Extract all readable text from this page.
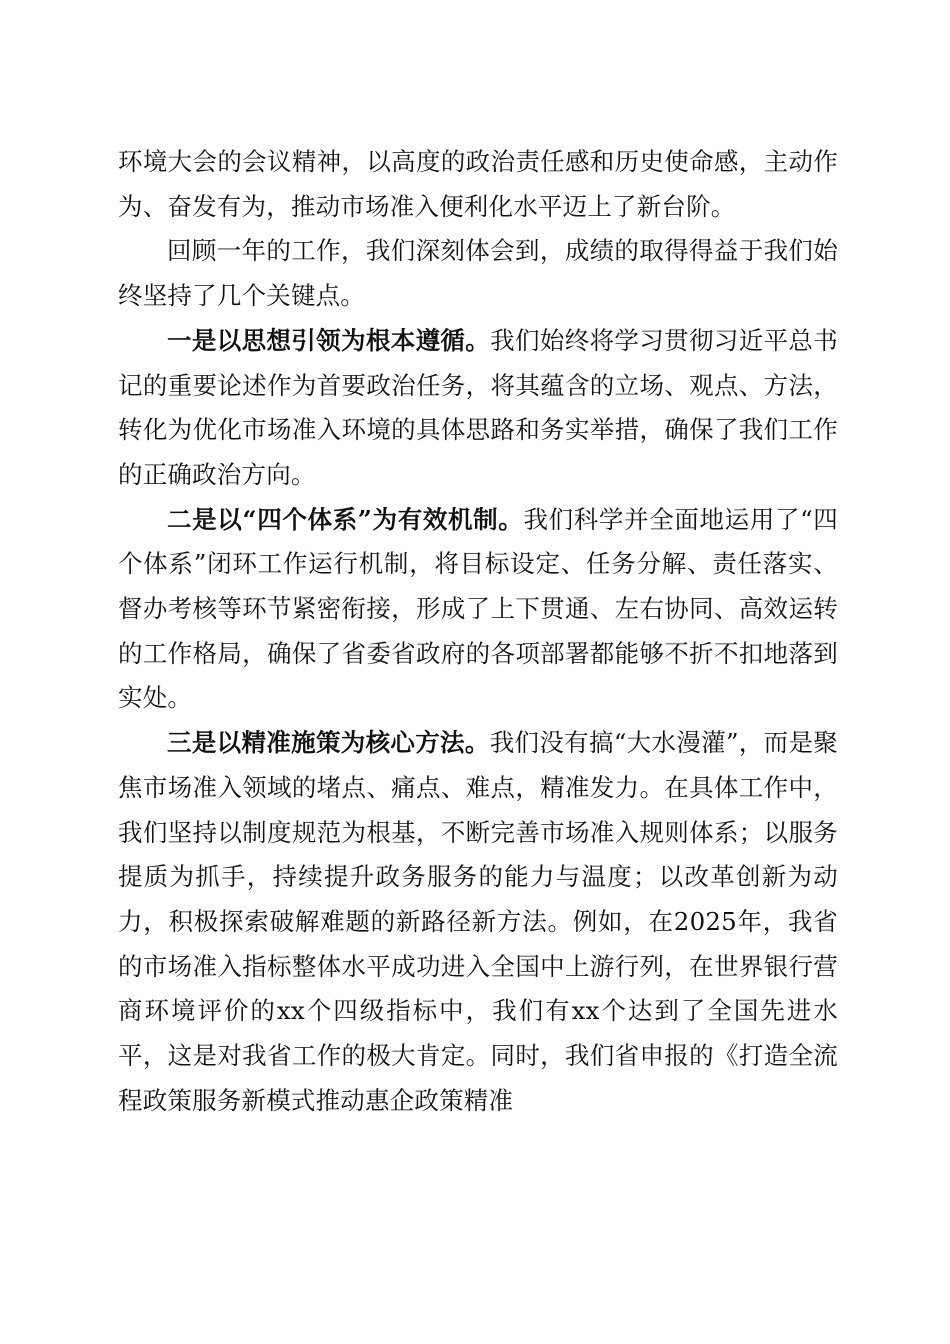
环境大会的会议精神，以高度的政治责任感和历史使命感，主动作为、奋发有为，推动市场准入便利化水平迈上了新台阶。

回顾一年的工作，我们深刻体会到，成绩的取得得益于我们始终坚持了几个关键点。

一是以思想引领为根本遵循。我们始终将学习贯彻习近平总书记的重要论述作为首要政治任务，将其蕴含的立场、观点、方法，转化为优化市场准入环境的具体思路和务实举措，确保了我们工作的正确政治方向。

二是以“四个体系”为有效机制。我们科学并全面地运用了“四个体系”闭环工作运行机制，将目标设定、任务分解、责任落实、督办考核等环节紧密衔接，形成了上下贯通、左右协同、高效运转的工作格局，确保了省委省政府的各项部署都能够不折不扣地落到实处。

三是以精准施策为核心方法。我们没有搞“大水漫灌”，而是聚焦市场准入领域的堵点、痛点、难点，精准发力。在具体工作中，我们坚持以制度规范为根基，不断完善市场准入规则体系；以服务提质为抓手，持续提升政务服务的能力与温度；以改革创新为动力，积极探索破解难题的新路径新方法。例如，在2025年，我省的市场准入指标整体水平成功进入全国中上游行列，在世界银行营商环境评价的xx个四级指标中，我们有xx个达到了全国先进水平，这是对我省工作的极大肯定。同时，我们省申报的《打造全流程政策服务新模式推动惠企政策精准
